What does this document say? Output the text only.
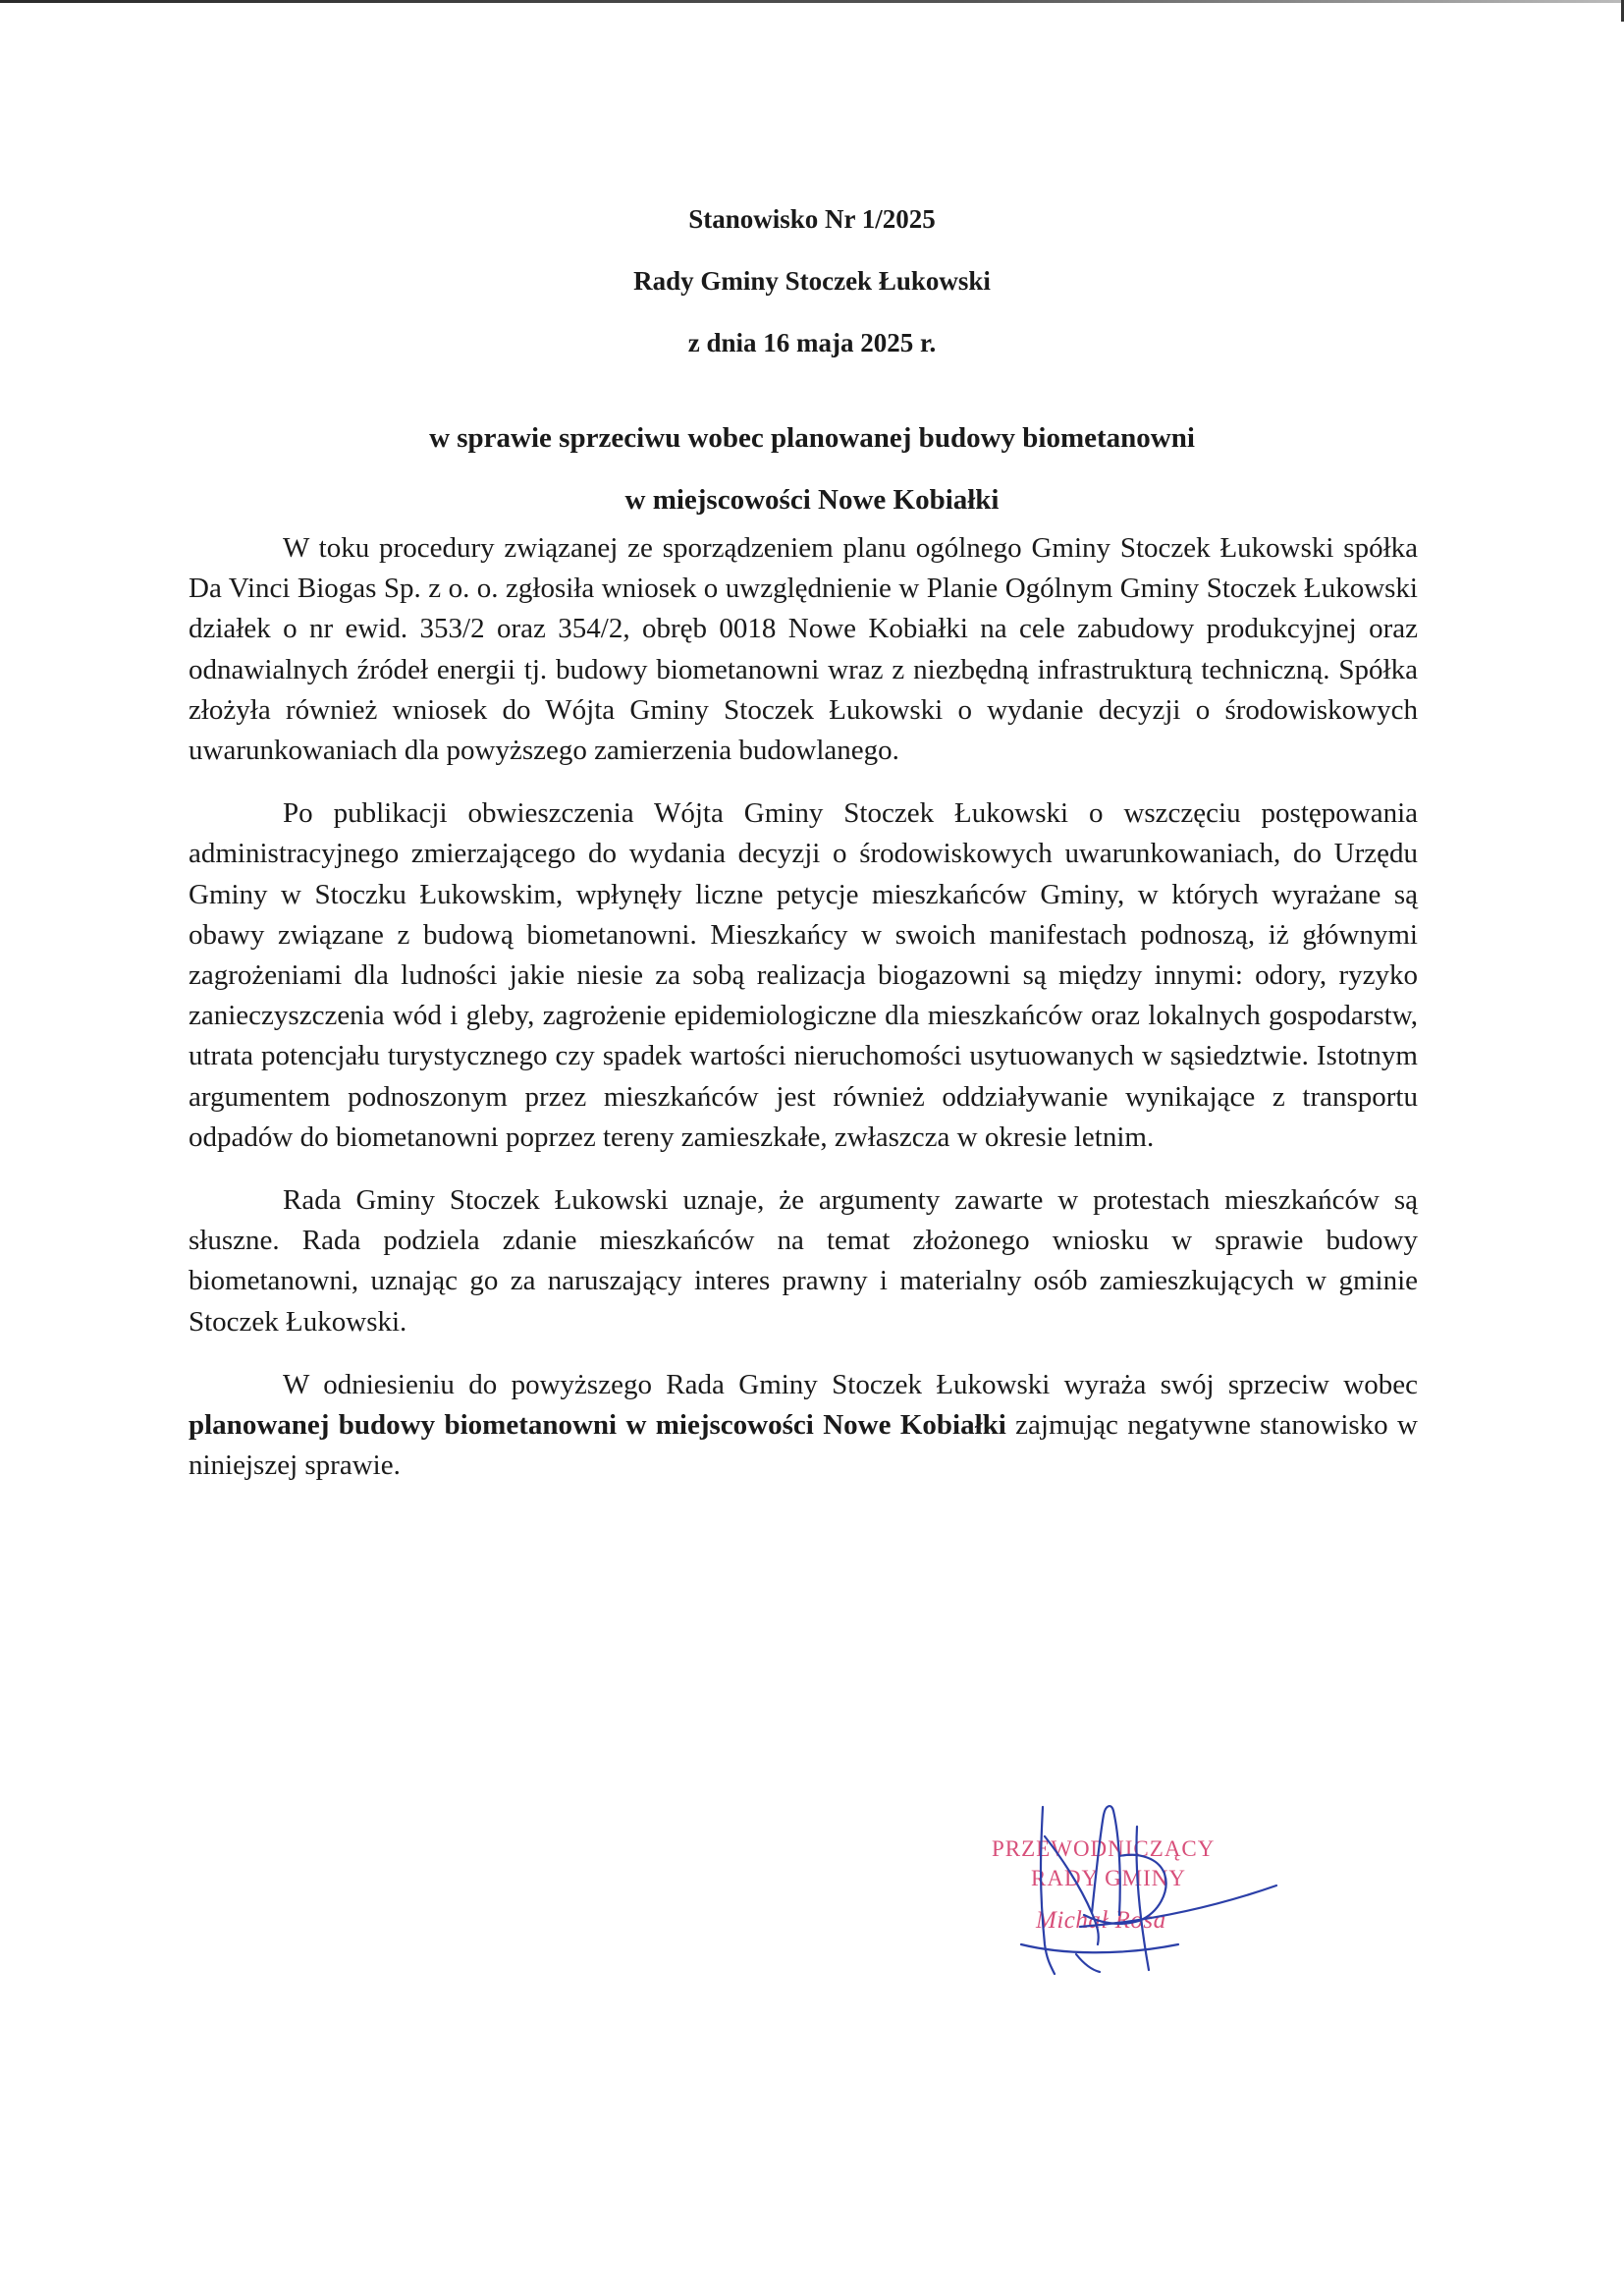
Stanowisko Nr 1/2025
Rady Gminy Stoczek Łukowski
z dnia 16 maja 2025 r.
w sprawie sprzeciwu wobec planowanej budowy biometanowni
w miejscowości Nowe Kobiałki

W toku procedury związanej ze sporządzeniem planu ogólnego Gminy Stoczek Łukowski spółka Da Vinci Biogas Sp. z o. o. zgłosiła wniosek o uwzględnienie w Planie Ogólnym Gminy Stoczek Łukowski działek o nr ewid. 353/2 oraz 354/2, obręb 0018 Nowe Kobiałki na cele zabudowy produkcyjnej oraz odnawialnych źródeł energii tj. budowy biometanowni wraz z niezbędną infrastrukturą techniczną. Spółka złożyła również wniosek do Wójta Gminy Stoczek Łukowski o wydanie decyzji o środowiskowych uwarunkowaniach dla powyższego zamierzenia budowlanego.

Po publikacji obwieszczenia Wójta Gminy Stoczek Łukowski o wszczęciu postępowania administracyjnego zmierzającego do wydania decyzji o środowiskowych uwarunkowaniach, do Urzędu Gminy w Stoczku Łukowskim, wpłynęły liczne petycje mieszkańców Gminy, w których wyrażane są obawy związane z budową biometanowni. Mieszkańcy w swoich manifestach podnoszą, iż głównymi zagrożeniami dla ludności jakie niesie za sobą realizacja biogazowni są między innymi: odory, ryzyko zanieczyszczenia wód i gleby, zagrożenie epidemiologiczne dla mieszkańców oraz lokalnych gospodarstw, utrata potencjału turystycznego czy spadek wartości nieruchomości usytuowanych w sąsiedztwie. Istotnym argumentem podnoszonym przez mieszkańców jest również oddziaływanie wynikające z transportu odpadów do biometanowni poprzez tereny zamieszkałe, zwłaszcza w okresie letnim.

Rada Gminy Stoczek Łukowski uznaje, że argumenty zawarte w protestach mieszkańców są słuszne. Rada podziela zdanie mieszkańców na temat złożonego wniosku w sprawie budowy biometanowni, uznając go za naruszający interes prawny i materialny osób zamieszkujących w gminie Stoczek Łukowski.

W odniesieniu do powyższego Rada Gminy Stoczek Łukowski wyraża swój sprzeciw wobec planowanej budowy biometanowni w miejscowości Nowe Kobiałki zajmując negatywne stanowisko w niniejszej sprawie.

PRZEWODNICZĄCY
RADY GMINY
Michał Rosa
